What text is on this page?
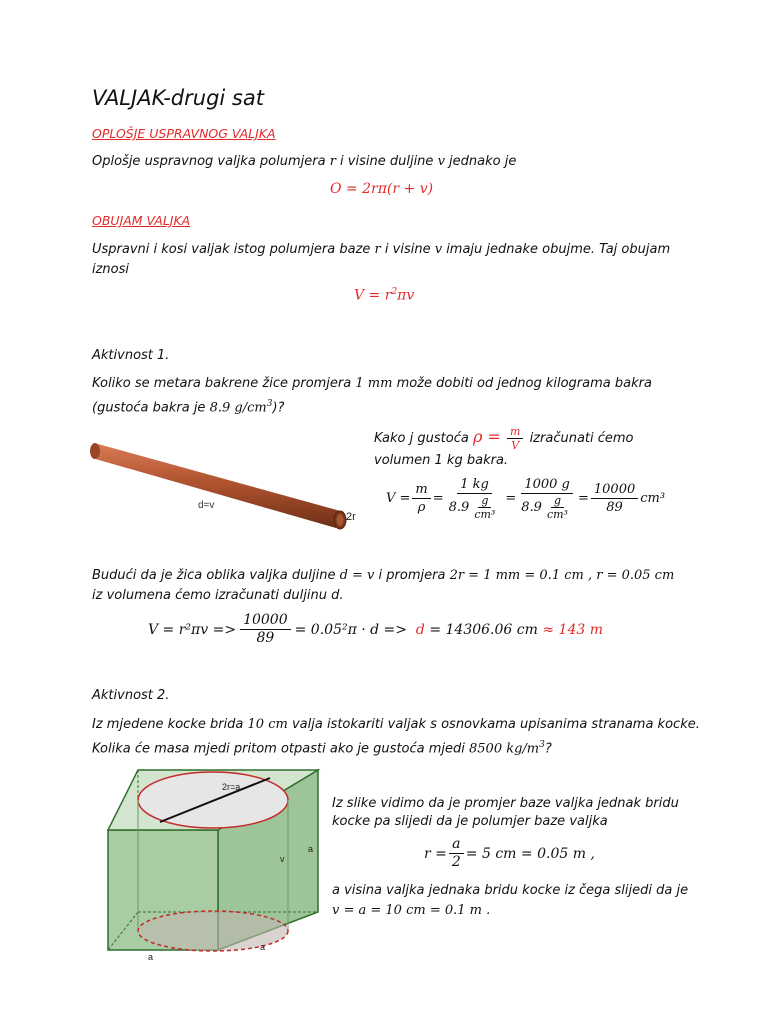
VALJAK-drugi sat
OPLOŠJE USPRAVNOG VALJKA
Oplošje uspravnog valjka polumjera r i visine duljine v jednako je
O = 2rπ(r + v)
OBUJAM VALJKA
Uspravni i kosi valjak istog polumjera baze r i visine v imaju jednake obujme. Taj obujam
iznosi
$V = r^2\pi v$
Aktivnost 1.
Koliko se metara bakrene žice promjera 1 mm može dobiti od jednog kilograma bakra
(gustoća bakra je 8.9 $g/cm^3$)?
d=v
2r
Kako j gustoća $\rho = \frac{m}{V}$ izračunati ćemo
volumen 1 kg bakra.
$V = \frac{m}{\rho} = \frac{1 kg}{8.9 \frac{g}{\text{cm³}}} = \frac{1000 g}{8.9 \frac{g}{\text{cm³}}} = \frac{10000}{89} cm^3$
Budući da je žica oblika valjka duljine d = v i promjera 2r = 1 mm = 0.1 cm , r = 0.05 cm
iz volumena ćemo izračunati duljinu d.
$V = r^2\pi v => \frac{10000}{89} = 0.05^2\pi \cdot d$ =>
d
= 14306.06 cm
≈ 143 m
Aktivnost 2.
Iz mjedene kocke brida 10 cm valja istokariti valjak s osnovkama upisanima stranama kocke.
Kolika će masa mjedi pritom otpasti ako je gustoća mjedi 8500 $kg/m^3$?
2r=a
v
a
a
a
Iz slike vidimo da je promjer baze valjka jednak bridu
kocke pa slijedi da je polumjer baze valjka
$r = \frac{a}{2} = 5$ cm = 0.05 m ,
a visina valjka jednaka bridu kocke iz čega slijedi da je
v = a = 10 cm = 0.1 m .
